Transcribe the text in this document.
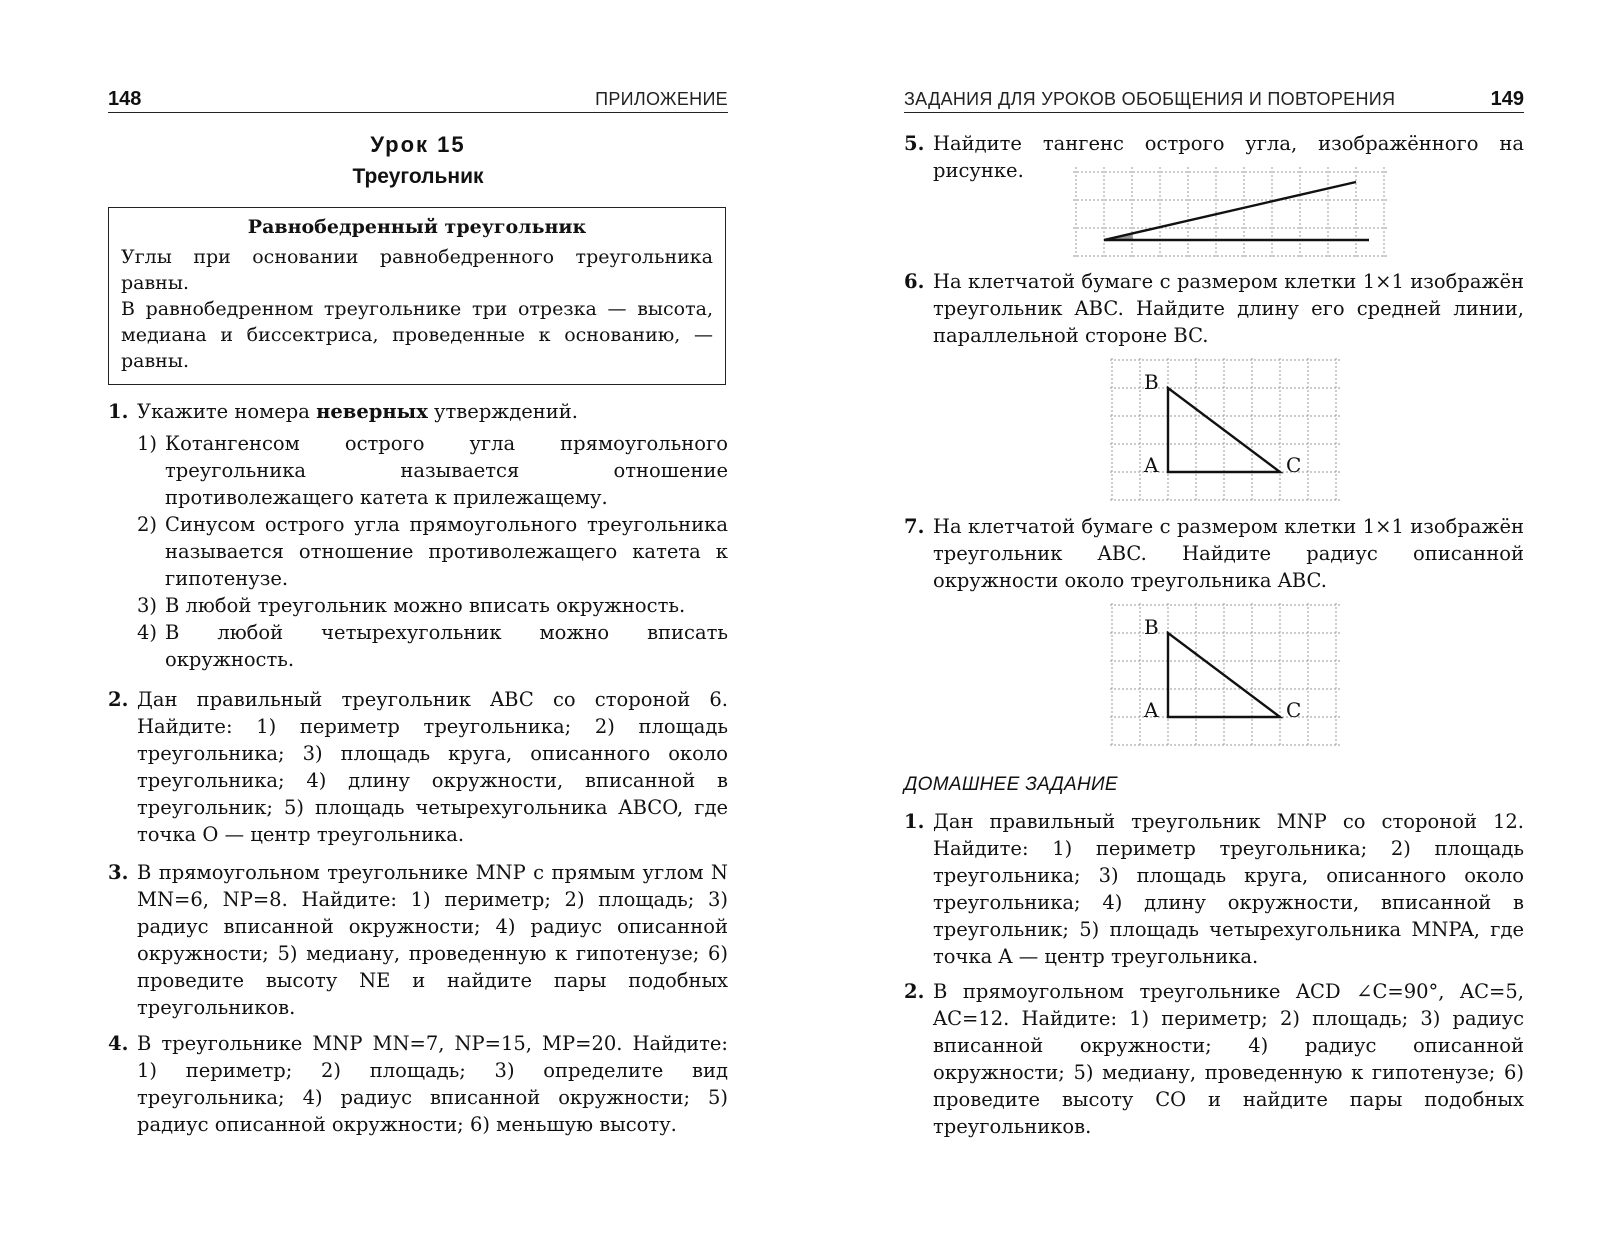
148	ПРИЛОЖЕНИЕ
Урок 15
Треугольник
Равнобедренный треугольник

Углы при основании равнобедренного треугольника равны.

В равнобедренном треугольнике три отрезка — высота, медиана и биссектриса, проведенные к основанию, — равны.

1. Укажите номера неверных утверждений.
1) Котангенсом острого угла прямоугольного треугольника называется отношение противолежащего катета к прилежащему.
2) Синусом острого угла прямоугольного треугольника называется отношение противолежащего катета к гипотенузе.
3) В любой треугольник можно вписать окружность.
4) В любой четырехугольник можно вписать окружность.
2. Дан правильный треугольник ABC со стороной 6. Найдите: 1) периметр треугольника; 2) площадь треугольника; 3) площадь круга, описанного около треугольника; 4) длину окружности, вписанной в треугольник; 5) площадь четырехугольника ABCO, где точка O — центр треугольника.
3. В прямоугольном треугольнике MNP с прямым углом N MN=6, NP=8. Найдите: 1) периметр; 2) площадь; 3) радиус вписанной окружности; 4) радиус описанной окружности; 5) медиану, проведенную к гипотенузе; 6) проведите высоту NE и найдите пары подобных треугольников.
4. В треугольнике MNP MN=7, NP=15, MP=20. Найдите: 1) периметр; 2) площадь; 3) определите вид треугольника; 4) радиус вписанной окружности; 5) радиус описанной окружности; 6) меньшую высоту.
ЗАДАНИЯ ДЛЯ УРОКОВ ОБОБЩЕНИЯ И ПОВТОРЕНИЯ	149
5. Найдите тангенс острого угла, изображённого на рисунке.
6. На клетчатой бумаге с размером клетки 1×1 изображён треугольник ABC. Найдите длину его средней линии, параллельной стороне BC.
B
A	C
7. На клетчатой бумаге с размером клетки 1×1 изображён треугольник ABC. Найдите радиус описанной окружности около треугольника ABC.
B
A	C
ДОМАШНЕЕ ЗАДАНИЕ
1. Дан правильный треугольник MNP со стороной 12. Найдите: 1) периметр треугольника; 2) площадь треугольника; 3) площадь круга, описанного около треугольника; 4) длину окружности, вписанной в треугольник; 5) площадь четырехугольника MNPA, где точка A — центр треугольника.
2. В прямоугольном треугольнике ACD ∠C=90°, AC=5, AC=12. Найдите: 1) периметр; 2) площадь; 3) радиус вписанной окружности; 4) радиус описанной окружности; 5) медиану, проведенную к гипотенузе; 6) проведите высоту CO и найдите пары подобных треугольников.
